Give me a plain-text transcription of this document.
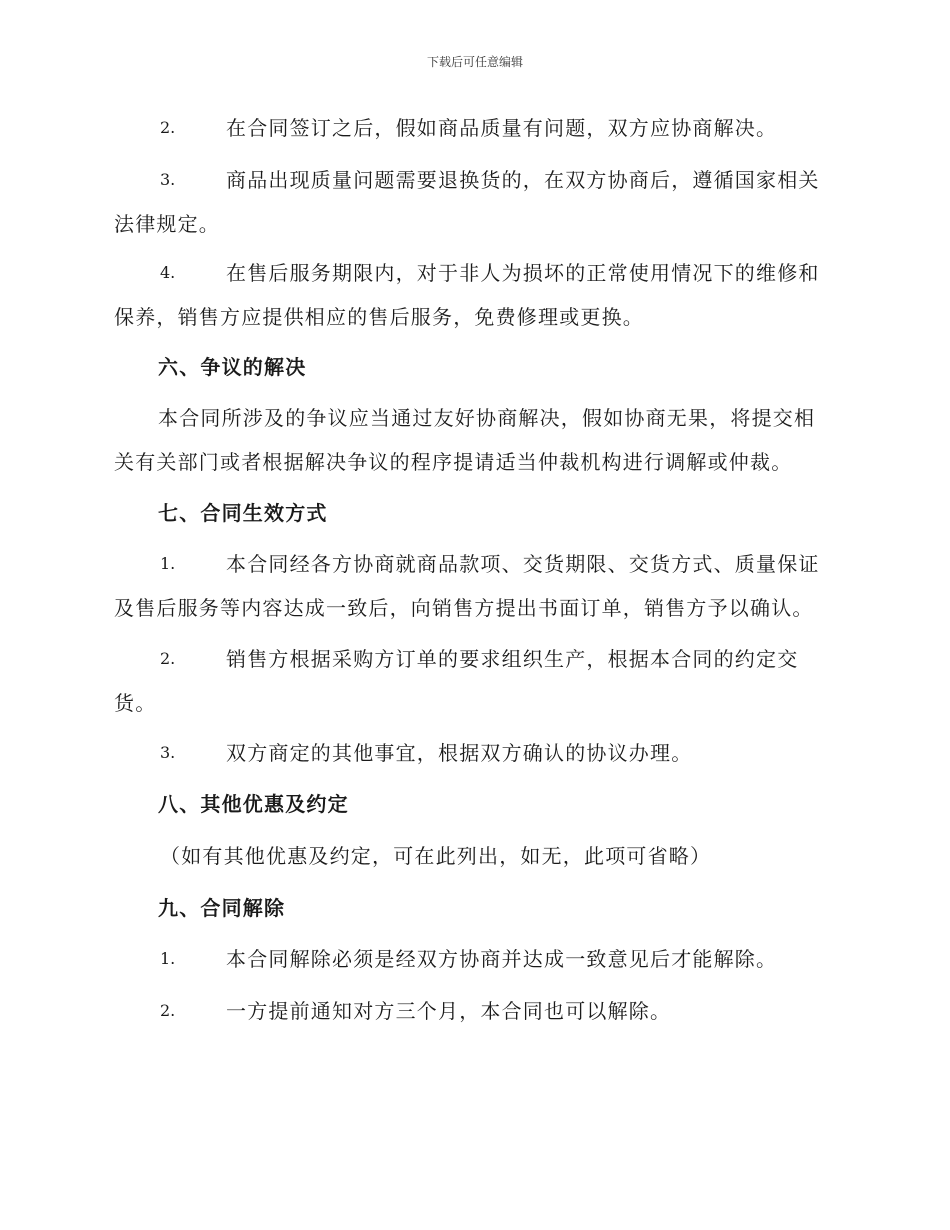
下载后可任意编辑
2.	在合同签订之后，假如商品质量有问题，双方应协商解决。
3.	商品出现质量问题需要退换货的，在双方协商后，遵循国家相关
法律规定。
4.	在售后服务期限内，对于非人为损坏的正常使用情况下的维修和
保养，销售方应提供相应的售后服务，免费修理或更换。
六、争议的解决
本合同所涉及的争议应当通过友好协商解决，假如协商无果，将提交相
关有关部门或者根据解决争议的程序提请适当仲裁机构进行调解或仲裁。
七、合同生效方式
1.	本合同经各方协商就商品款项、交货期限、交货方式、质量保证
及售后服务等内容达成一致后，向销售方提出书面订单，销售方予以确认。
2.	销售方根据采购方订单的要求组织生产，根据本合同的约定交
货。
3.	双方商定的其他事宜，根据双方确认的协议办理。
八、其他优惠及约定
（如有其他优惠及约定，可在此列出，如无，此项可省略）
九、合同解除
1.	本合同解除必须是经双方协商并达成一致意见后才能解除。
2.	一方提前通知对方三个月，本合同也可以解除。
